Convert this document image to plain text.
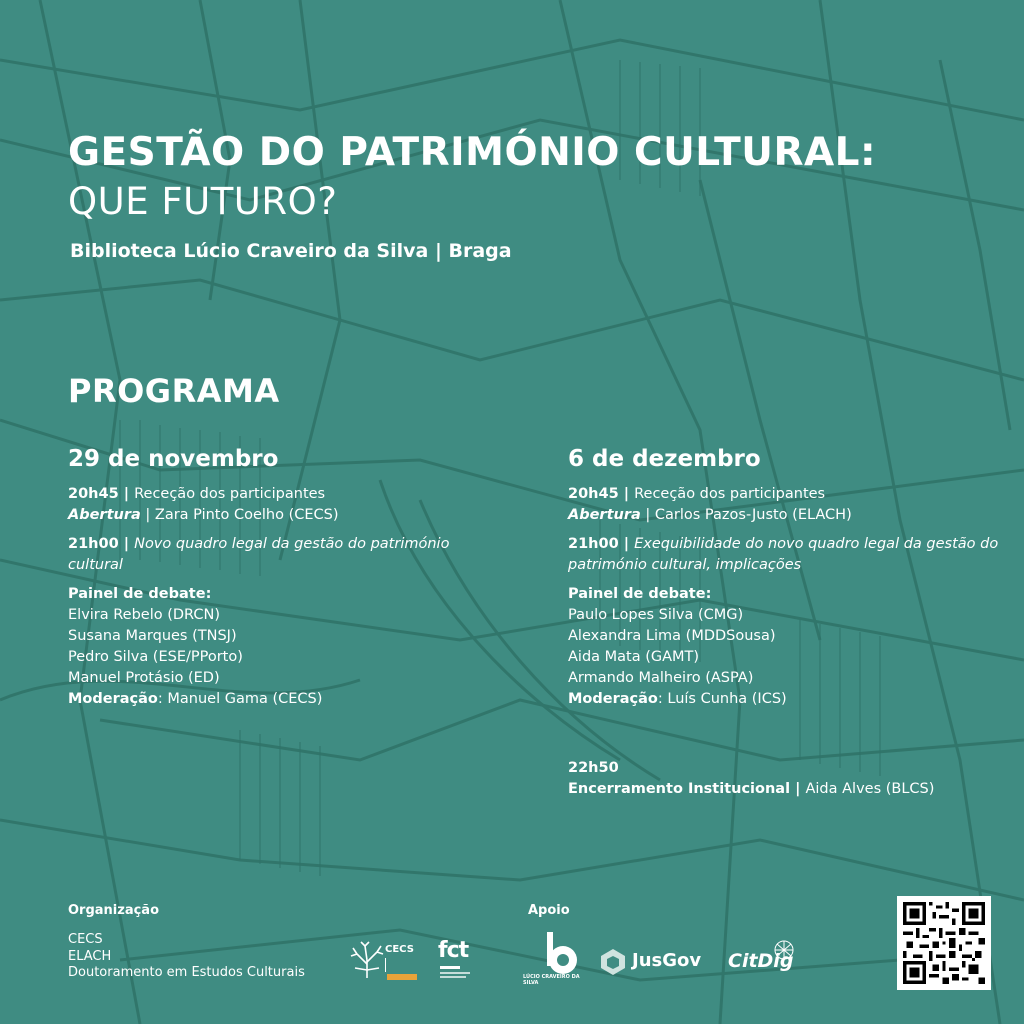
GESTÃO DO PATRIMÓNIO CULTURAL:
QUE FUTURO?
Biblioteca Lúcio Craveiro da Silva | Braga
PROGRAMA
29 de novembro
20h45 | Receção dos participantes
Abertura | Zara Pinto Coelho (CECS)
21h00 | Novo quadro legal da gestão do património cultural
Painel de debate:
Elvira Rebelo (DRCN)
Susana Marques (TNSJ)
Pedro Silva (ESE/PPorto)
Manuel Protásio (ED)
Moderação: Manuel Gama (CECS)
6 de dezembro
20h45 | Receção dos participantes
Abertura | Carlos Pazos-Justo (ELACH)
21h00 | Exequibilidade do novo quadro legal da gestão do património cultural, implicações
Painel de debate:
Paulo Lopes Silva (CMG)
Alexandra Lima (MDDSousa)
Aida Mata (GAMT)
Armando Malheiro (ASPA)
Moderação: Luís Cunha (ICS)
22h50
Encerramento Institucional | Aida Alves (BLCS)
Organização
CECS
ELACH
Doutoramento em Estudos Culturais
CECS fct
Apoio
LÚCIO CRAVEIRO DA SILVA
JusGov CitDig
